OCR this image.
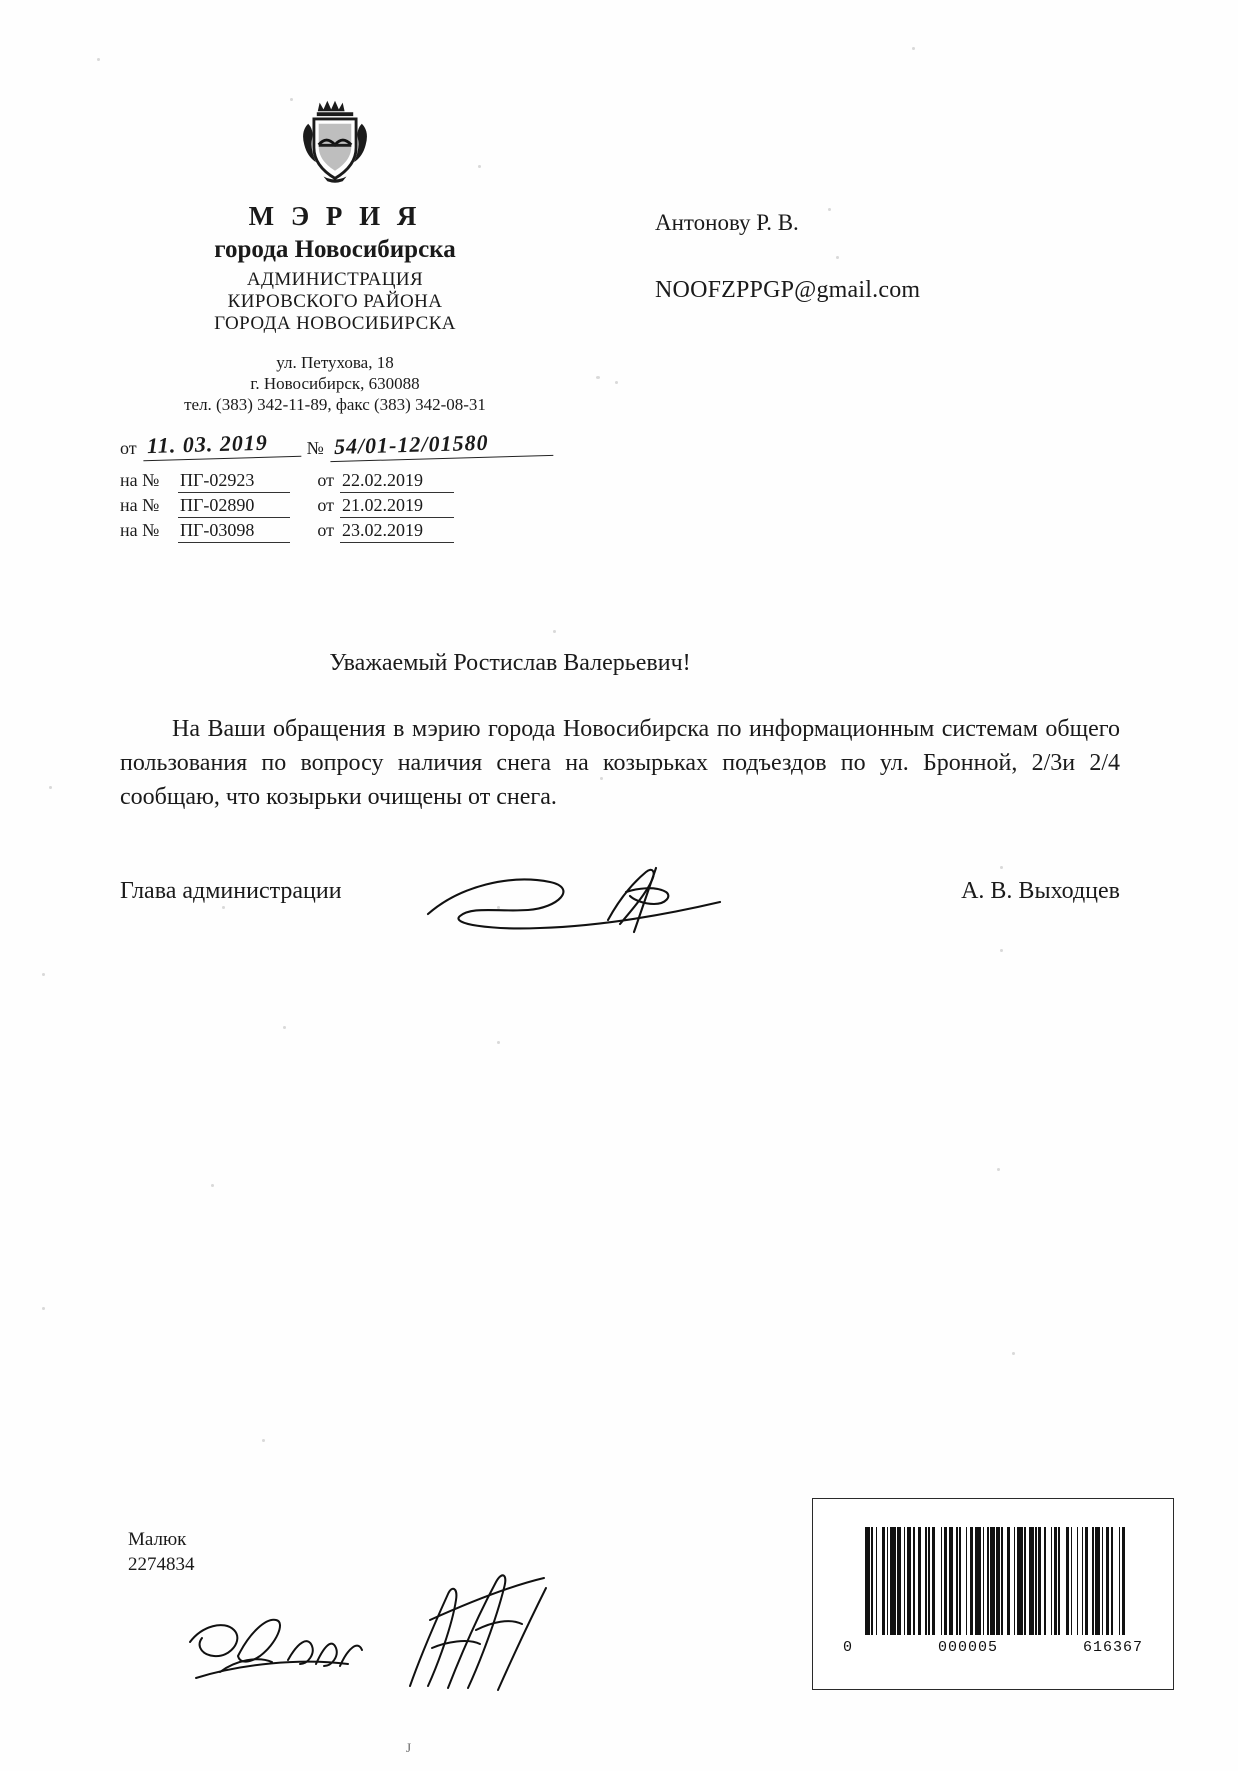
М Э Р И Я
города Новосибирска
АДМИНИСТРАЦИЯ
КИРОВСКОГО РАЙОНА
ГОРОДА НОВОСИБИРСКА
ул. Петухова, 18
г. Новосибирск, 630088
тел. (383) 342-11-89, факс (383) 342-08-31
от 11. 03. 2019	№ 54/01-12/01580
на №	ПГ-02923	от 22.02.2019
на №	ПГ-02890	от 21.02.2019
на №	ПГ-03098	от 23.02.2019
Антонову Р. В.
NOOFZPPGP@gmail.com
Уважаемый Ростислав Валерьевич!
На Ваши обращения в мэрию города Новосибирска по информационным системам общего пользования по вопросу наличия снега на козырьках подъездов по ул. Бронной, 2/3и 2/4 сообщаю, что козырьки очищены от снега.
Глава администрации	А. В. Выходцев
Малюк
2274834
0	000005	616367
J
